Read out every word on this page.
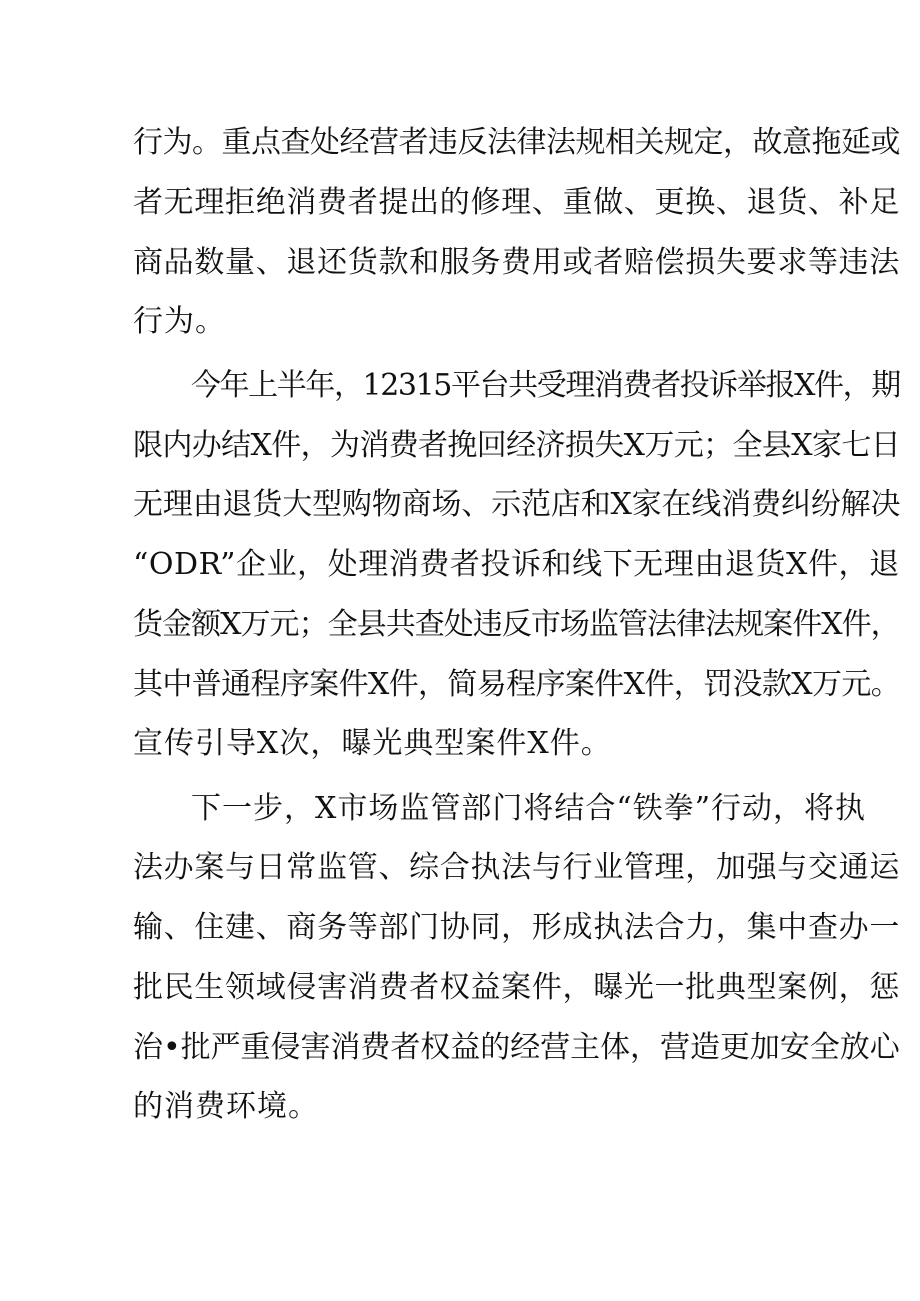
行为。重点查处经营者违反法律法规相关规定，故意拖延或
者无理拒绝消费者提出的修理、重做、更换、退货、补足
商品数量、退还货款和服务费用或者赔偿损失要求等违法
行为。
今年上半年，12315平台共受理消费者投诉举报X件，期
限内办结X件，为消费者挽回经济损失X万元；全县X家七日
无理由退货大型购物商场、示范店和X家在线消费纠纷解决
“ODR”企业，处理消费者投诉和线下无理由退货X件，退
货金额X万元；全县共查处违反市场监管法律法规案件X件，
其中普通程序案件X件，简易程序案件X件，罚没款X万元。
宣传引导X次，曝光典型案件X件。
下一步，X市场监管部门将结合“铁拳”行动，将执
法办案与日常监管、综合执法与行业管理，加强与交通运
输、住建、商务等部门协同，形成执法合力，集中查办一
批民生领域侵害消费者权益案件，曝光一批典型案例，惩
治•批严重侵害消费者权益的经营主体，营造更加安全放心
的消费环境。
